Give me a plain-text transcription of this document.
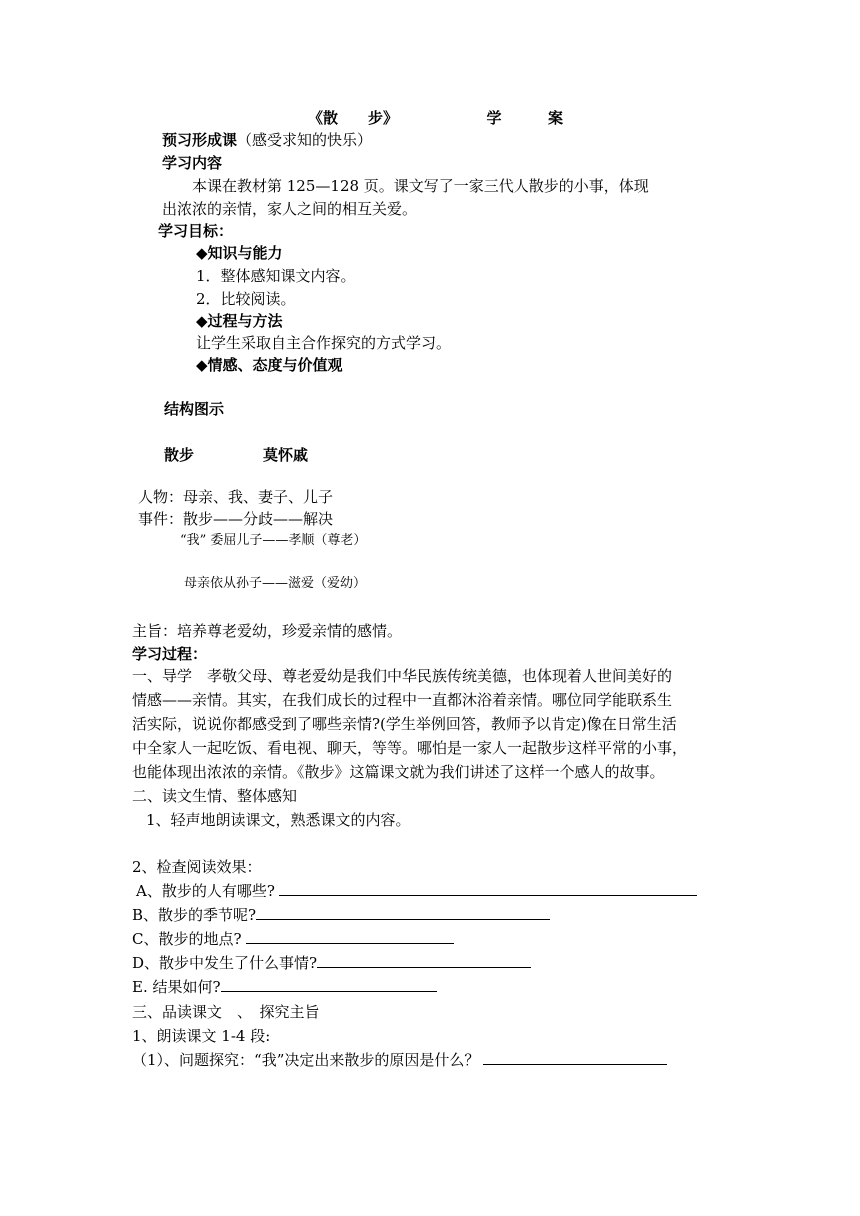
《散　　步》	学	案
预习形成课（感受求知的快乐）
学习内容
本课在教材第 125—128 页。课文写了一家三代人散步的小事，体现
出浓浓的亲情，家人之间的相互关爱。
学习目标：
◆知识与能力
1．整体感知课文内容。
2．比较阅读。
◆过程与方法
让学生采取自主合作探究的方式学习。
◆情感、态度与价值观
结构图示
散步	莫怀戚
人物：母亲、我、妻子、儿子
事件：散步——分歧——解决
“我” 委屈儿子——孝顺（尊老）
母亲依从孙子——滋爱（爱幼）
主旨：培养尊老爱幼，珍爱亲情的感情。
学习过程：
一、导学　孝敬父母、尊老爱幼是我们中华民族传统美德，也体现着人世间美好的
情感——亲情。其实，在我们成长的过程中一直都沐浴着亲情。哪位同学能联系生
活实际，说说你都感受到了哪些亲情?(学生举例回答，教师予以肯定)像在日常生活
中全家人一起吃饭、看电视、聊天，等等。哪怕是一家人一起散步这样平常的小事，
也能体现出浓浓的亲情。《散步》这篇课文就为我们讲述了这样一个感人的故事。
二、读文生情、整体感知
1、轻声地朗读课文，熟悉课文的内容。
2、检查阅读效果：
A、散步的人有哪些?
B、散步的季节呢?
C、散步的地点?
D、散步中发生了什么事情?
E. 结果如何?
三、品读课文　、　探究主旨
1、朗读课文 1-4 段:
（1）、问题探究：“我”决定出来散步的原因是什么？
